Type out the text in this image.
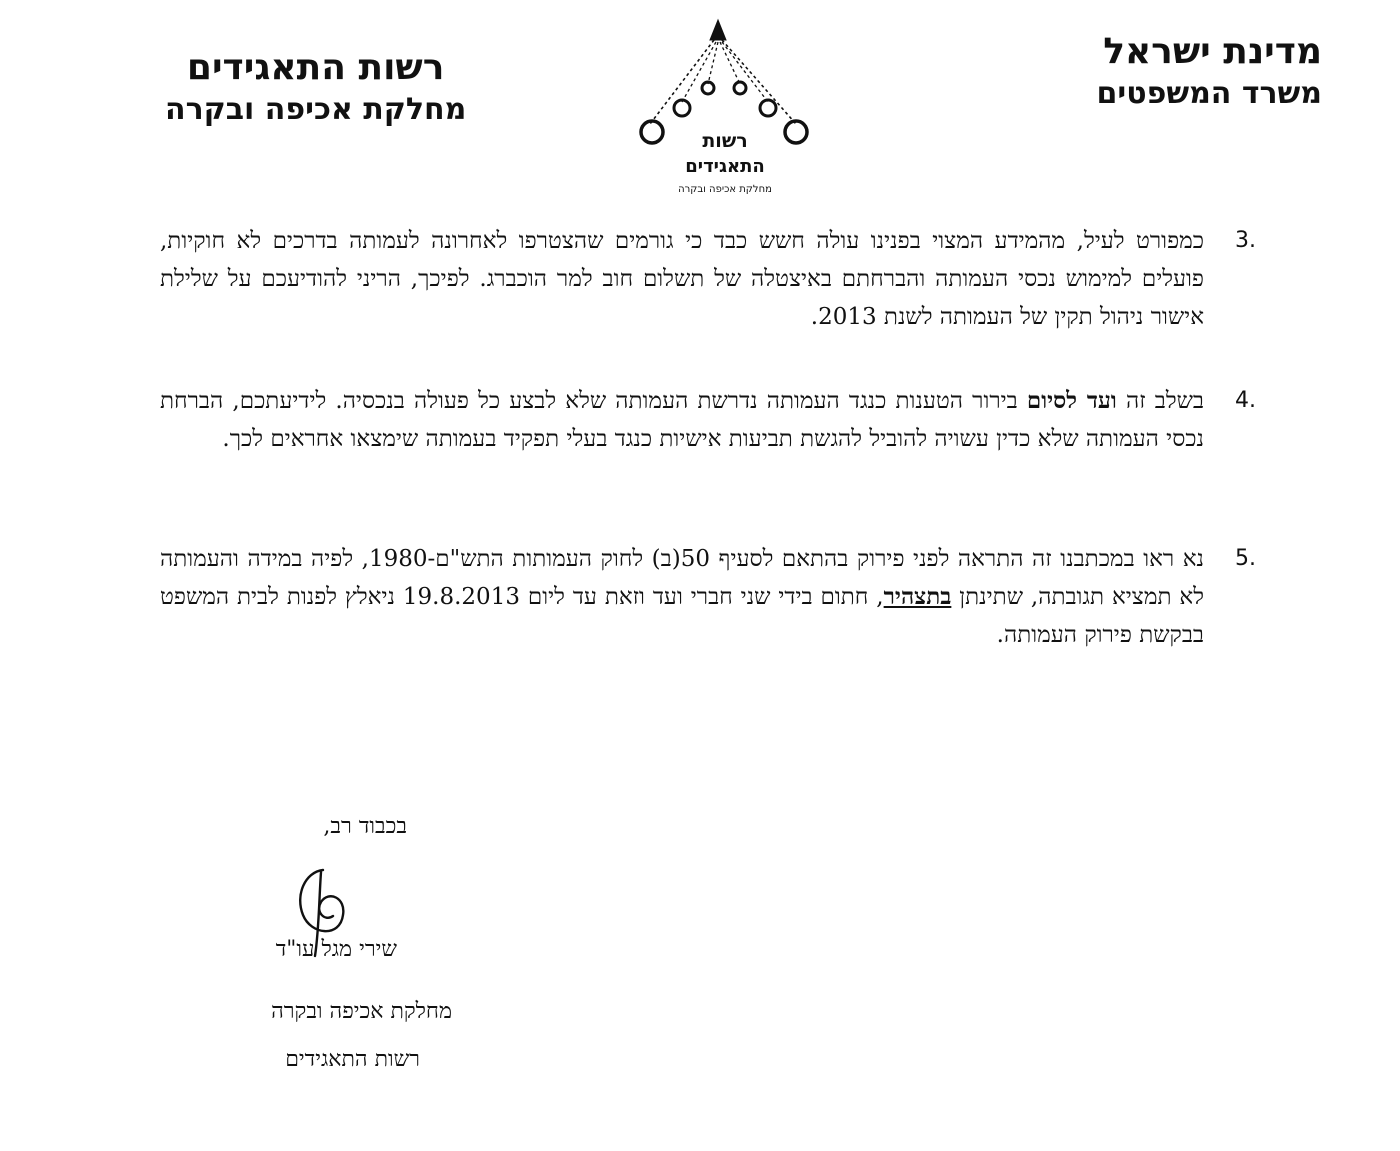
מדינת ישראל

משרד המשפטים

רשות התאגידים

מחלקת אכיפה ובקרה

רשות
התאגידים
מחלקת אכיפה ובקרה
.3

כמפורט לעיל, מהמידע המצוי בפנינו עולה חשש כבד כי גורמים שהצטרפו לאחרונה לעמותה בדרכים לא חוקיות, פועלים למימוש נכסי העמותה והברחתם באיצטלה של תשלום חוב למר הוכברג. לפיכך, הריני להודיעכם על שלילת אישור ניהול תקין של העמותה לשנת 2013.

.4

בשלב זה ועד לסיום בירור הטענות כנגד העמותה נדרשת העמותה שלא לבצע כל פעולה בנכסיה. לידיעתכם, הברחת נכסי העמותה שלא כדין עשויה להוביל להגשת תביעות אישיות כנגד בעלי תפקיד בעמותה שימצאו אחראים לכך.

.5

נא ראו במכתבנו זה התראה לפני פירוק בהתאם לסעיף 50(ב) לחוק העמותות התש"ם-1980, לפיה במידה והעמותה לא תמציא תגובתה, שתינתן בתצהיר, חתום בידי שני חברי ועד וזאת עד ליום 19.8.2013 ניאלץ לפנות לבית המשפט בבקשת פירוק העמותה.

בכבוד רב,
שירי מגל עו"ד
מחלקת אכיפה ובקרה
רשות התאגידים
